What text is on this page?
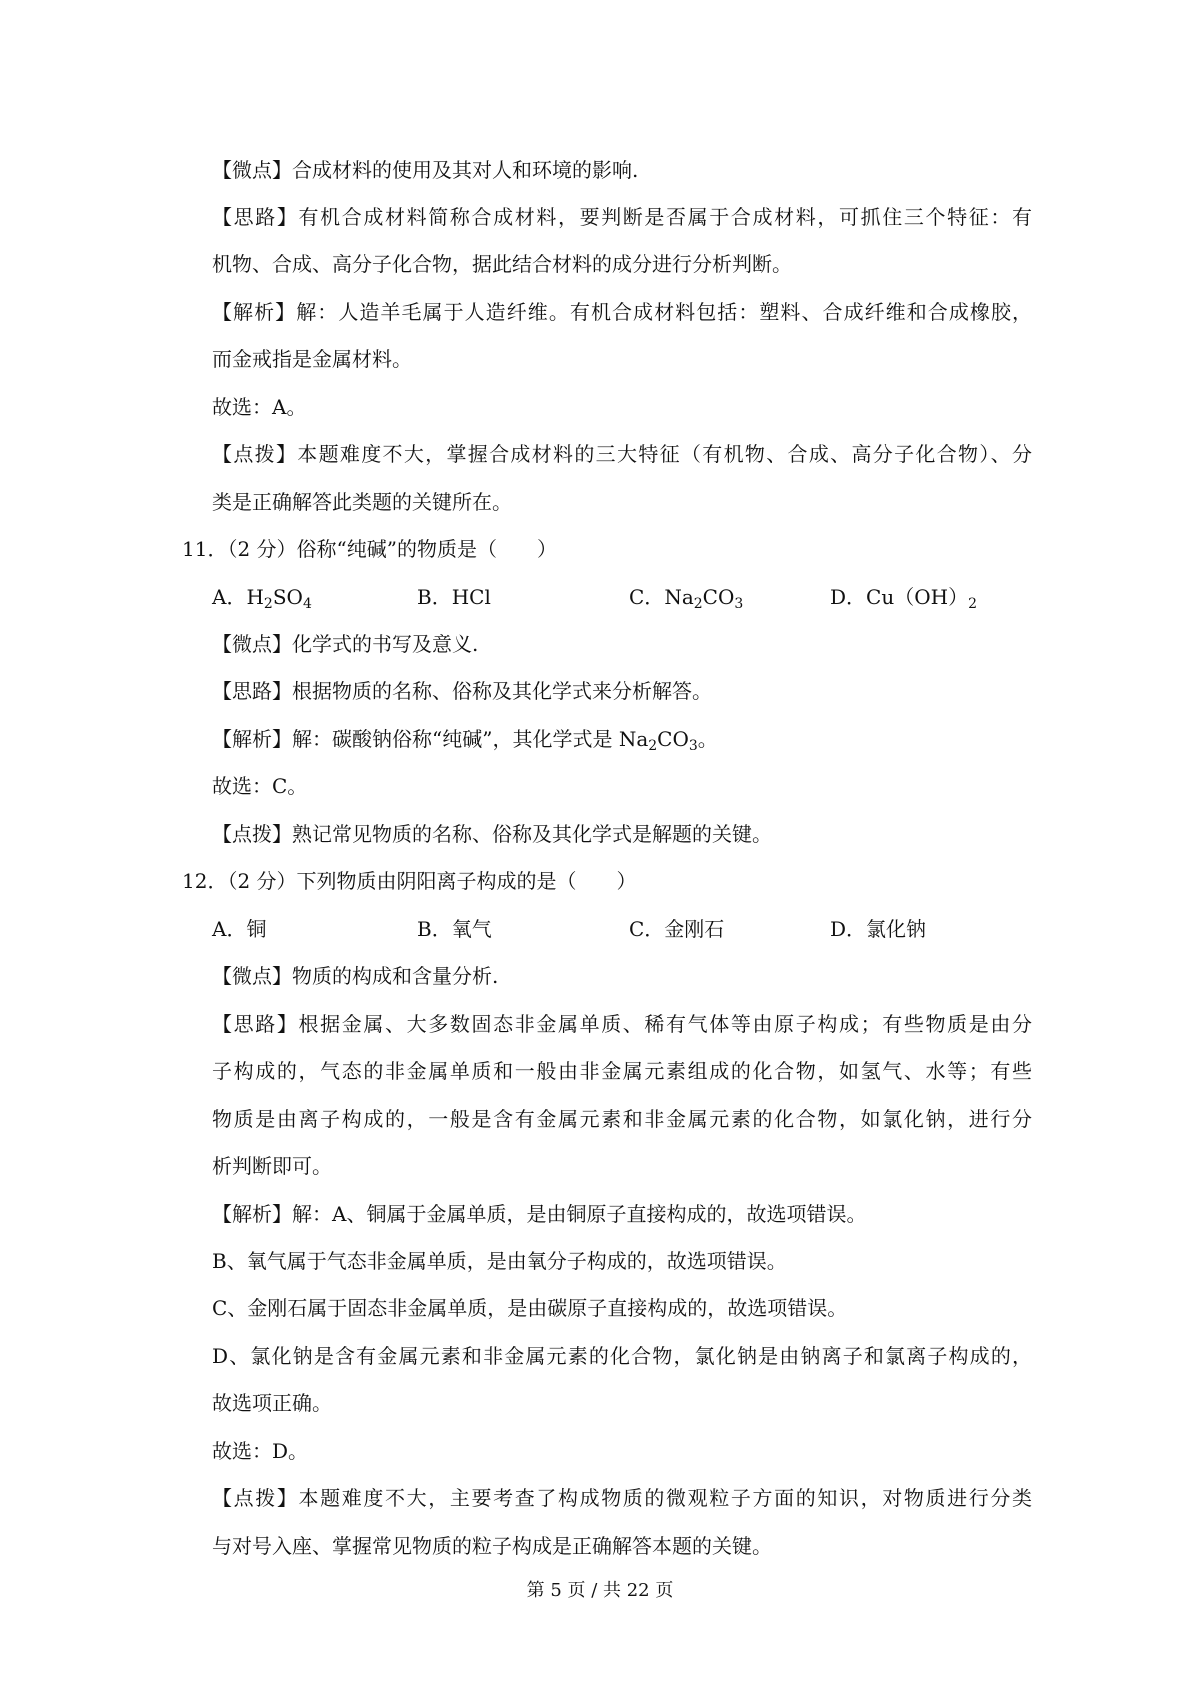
【微点】合成材料的使用及其对人和环境的影响.
【思路】有机合成材料简称合成材料，要判断是否属于合成材料，可抓住三个特征：有
机物、合成、高分子化合物，据此结合材料的成分进行分析判断。
【解析】解：人造羊毛属于人造纤维。有机合成材料包括：塑料、合成纤维和合成橡胶，
而金戒指是金属材料。
故选：A。
【点拨】本题难度不大，掌握合成材料的三大特征（有机物、合成、高分子化合物）、分
类是正确解答此类题的关键所在。
11．（2 分）俗称“纯碱”的物质是（　　）
A．$H_2SO_4$	B．HCl	C．$Na_2CO_3$	D．$Cu(OH)_2$
【微点】化学式的书写及意义.
【思路】根据物质的名称、俗称及其化学式来分析解答。
【解析】解：碳酸钠俗称“纯碱”，其化学式是 $Na_2CO_3$。
故选：C。
【点拨】熟记常见物质的名称、俗称及其化学式是解题的关键。
12．（2 分）下列物质由阴阳离子构成的是（　　）
A．铜	B．氧气	C．金刚石	D．氯化钠
【微点】物质的构成和含量分析.
【思路】根据金属、大多数固态非金属单质、稀有气体等由原子构成；有些物质是由分
子构成的，气态的非金属单质和一般由非金属元素组成的化合物，如氢气、水等；有些
物质是由离子构成的，一般是含有金属元素和非金属元素的化合物，如氯化钠，进行分
析判断即可。
【解析】解：A、铜属于金属单质，是由铜原子直接构成的，故选项错误。
B、氧气属于气态非金属单质，是由氧分子构成的，故选项错误。
C、金刚石属于固态非金属单质，是由碳原子直接构成的，故选项错误。
D、氯化钠是含有金属元素和非金属元素的化合物，氯化钠是由钠离子和氯离子构成的，
故选项正确。
故选：D。
【点拨】本题难度不大，主要考查了构成物质的微观粒子方面的知识，对物质进行分类
与对号入座、掌握常见物质的粒子构成是正确解答本题的关键。
第 5 页 / 共 22 页
